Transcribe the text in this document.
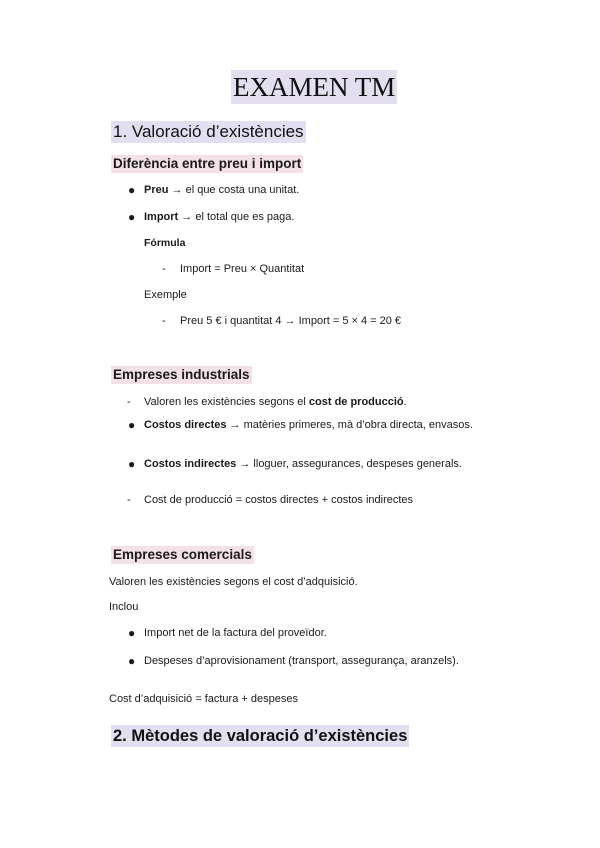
EXAMEN TM
1. Valoració d’existències
Diferència entre preu i import
● Preu → el que costa una unitat.
● Import → el total que es paga.
Fórmula
- Import = Preu × Quantitat
Exemple
- Preu 5 € i quantitat 4 → Import = 5 × 4 = 20 €
Empreses industrials
- Valoren les existències segons el cost de producció.
● Costos directes → matèries primeres, mà d’obra directa, envasos.
● Costos indirectes → lloguer, assegurances, despeses generals.
- Cost de producció = costos directes + costos indirectes
Empreses comercials
Valoren les existències segons el cost d’adquisició.
Inclou
● Import net de la factura del proveïdor.
● Despeses d’aprovisionament (transport, assegurança, aranzels).
Cost d’adquisició = factura + despeses
2. Mètodes de valoració d’existències
